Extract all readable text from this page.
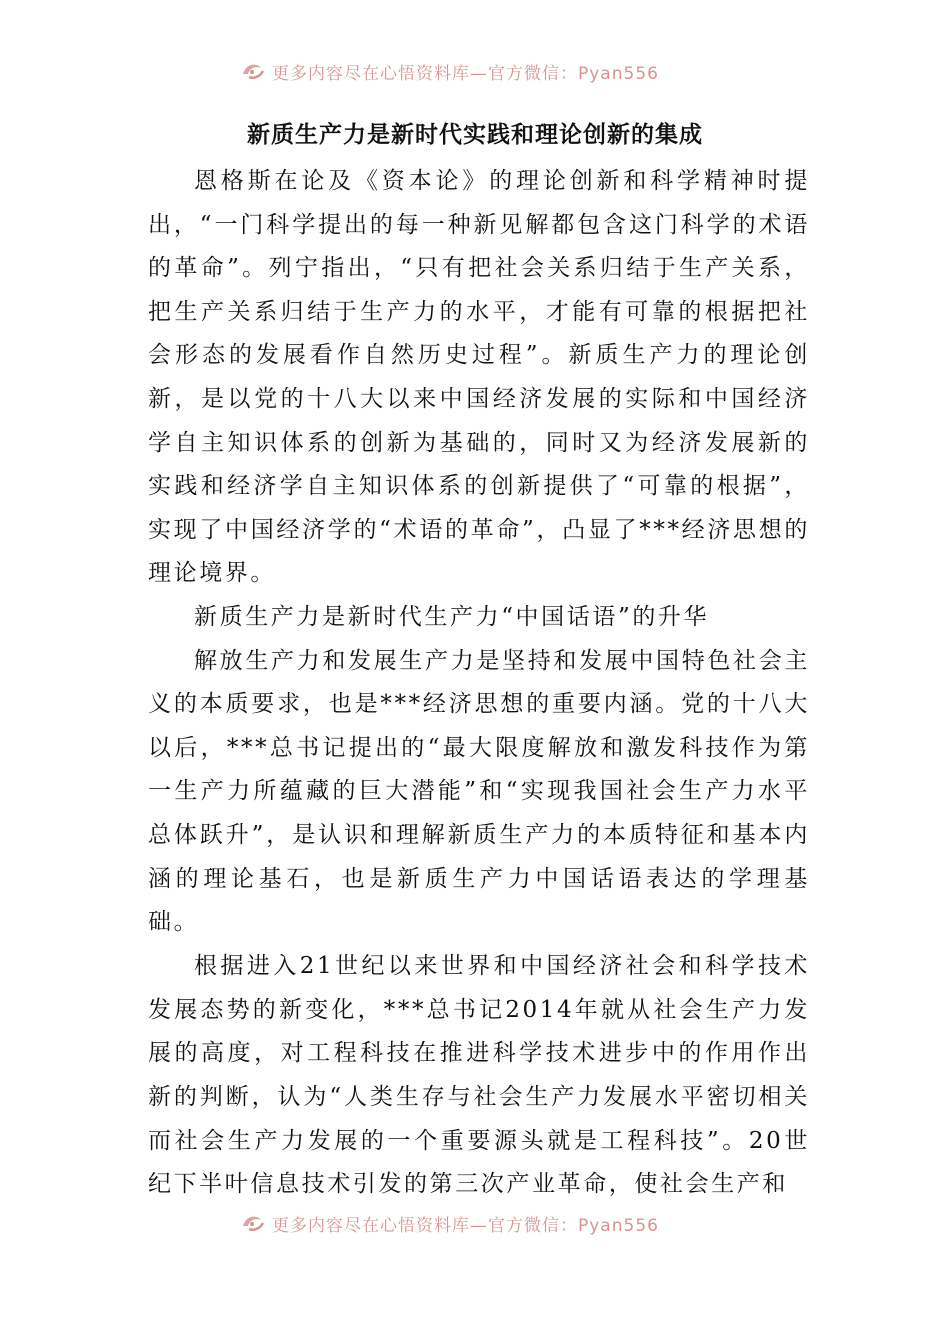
更多内容尽在心悟资料库—官方微信：Pyan556
新质生产力是新时代实践和理论创新的集成

恩格斯在论及《资本论》的理论创新和科学精神时提出，“一门科学提出的每一种新见解都包含这门科学的术语的革命”。列宁指出，“只有把社会关系归结于生产关系，把生产关系归结于生产力的水平，才能有可靠的根据把社会形态的发展看作自然历史过程”。新质生产力的理论创新，是以党的十八大以来中国经济发展的实际和中国经济学自主知识体系的创新为基础的，同时又为经济发展新的实践和经济学自主知识体系的创新提供了“可靠的根据”，实现了中国经济学的“术语的革命”，凸显了***经济思想的理论境界。

新质生产力是新时代生产力“中国话语”的升华

解放生产力和发展生产力是坚持和发展中国特色社会主义的本质要求，也是***经济思想的重要内涵。党的十八大以后，***总书记提出的“最大限度解放和激发科技作为第一生产力所蕴藏的巨大潜能”和“实现我国社会生产力水平总体跃升”，是认识和理解新质生产力的本质特征和基本内涵的理论基石，也是新质生产力中国话语表达的学理基础。

根据进入21世纪以来世界和中国经济社会和科学技术发展态势的新变化，***总书记2014年就从社会生产力发展的高度，对工程科技在推进科学技术进步中的作用作出新的判断，认为“人类生存与社会生产力发展水平密切相关而社会生产力发展的一个重要源头就是工程科技”。20世纪下半叶信息技术引发的第三次产业革命，使社会生产和

更多内容尽在心悟资料库—官方微信：Pyan556
